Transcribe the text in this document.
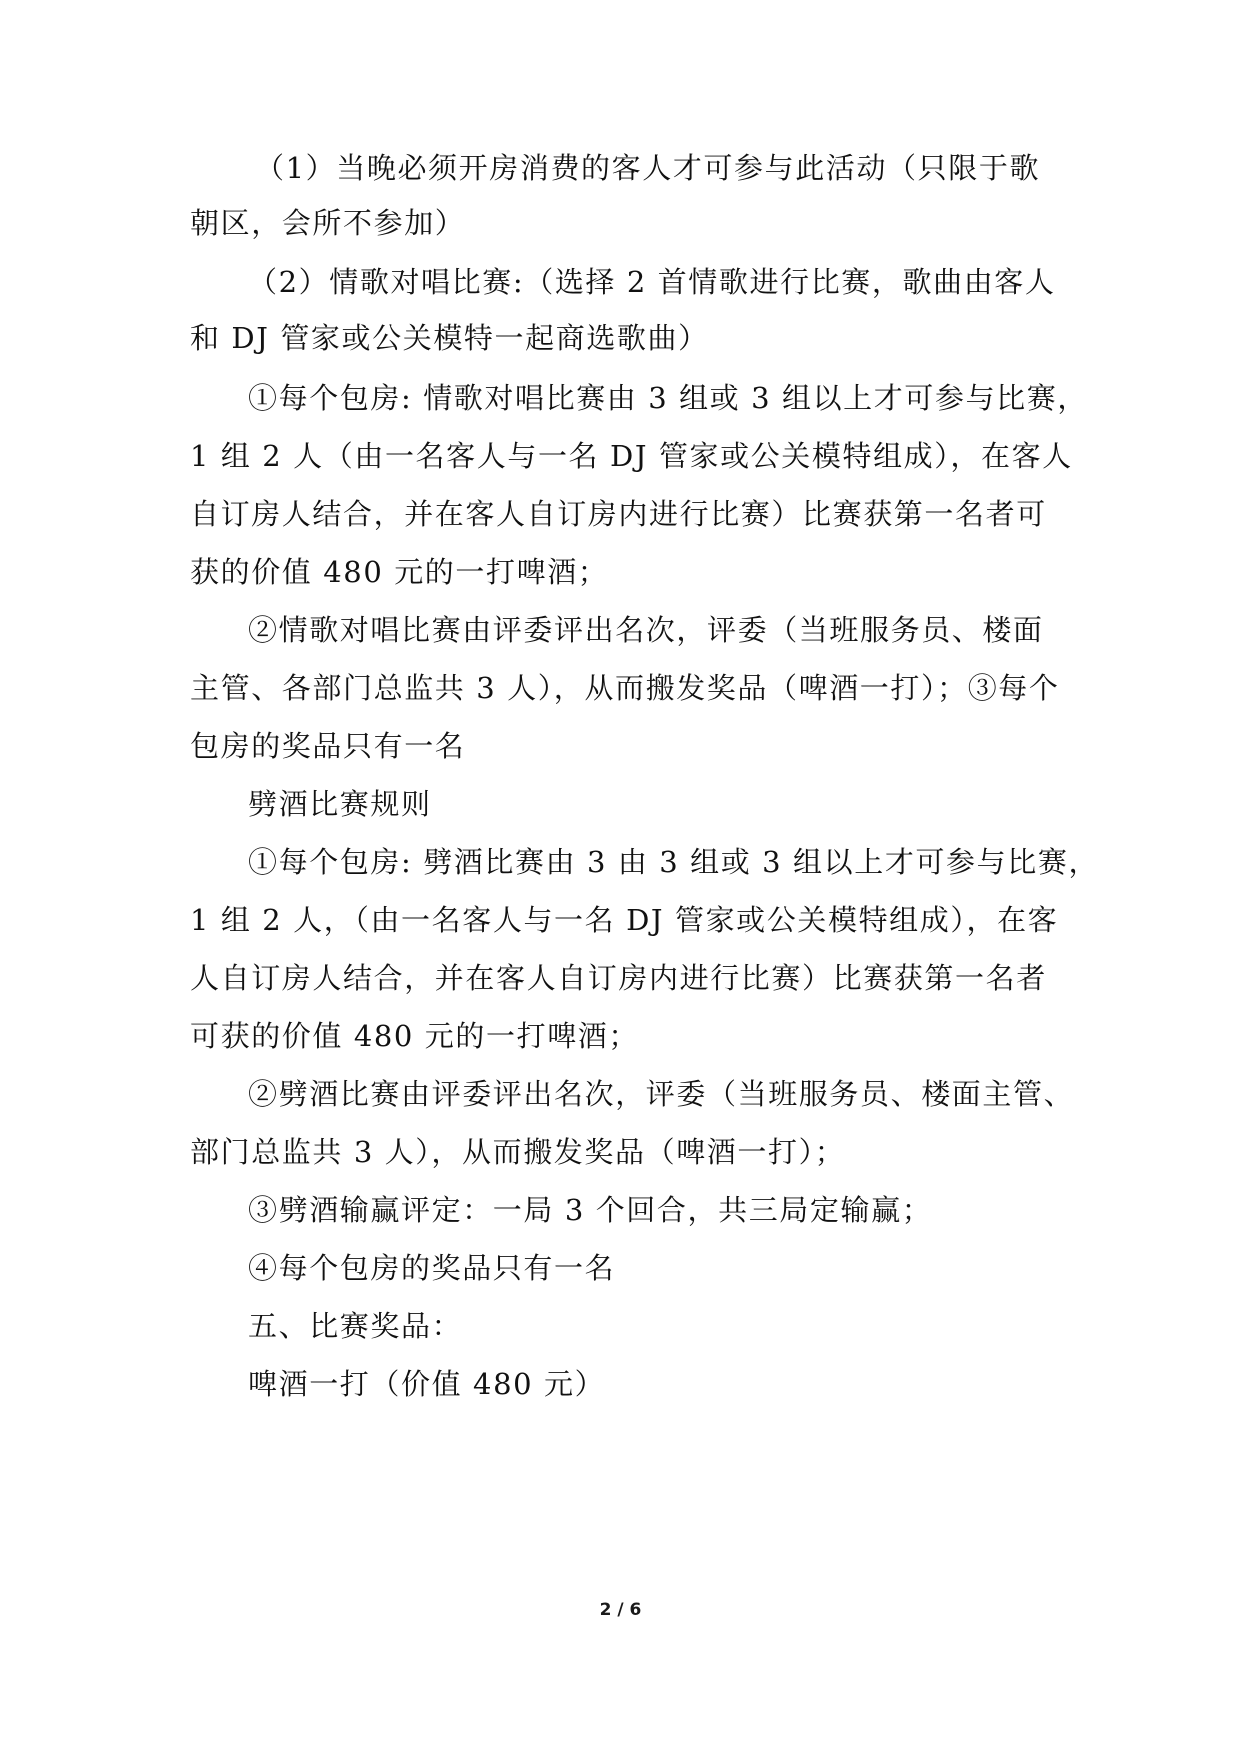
（1）当晚必须开房消费的客人才可参与此活动（只限于歌
朝区，会所不参加）
（2）情歌对唱比赛:（选择 2 首情歌进行比赛，歌曲由客人
和 DJ 管家或公关模特一起商选歌曲）
①每个包房: 情歌对唱比赛由 3 组或 3 组以上才可参与比赛，
1 组 2 人（由一名客人与一名 DJ 管家或公关模特组成），在客人
自订房人结合，并在客人自订房内进行比赛）比赛获第一名者可
获的价值 480 元的一打啤酒；
②情歌对唱比赛由评委评出名次，评委（当班服务员、楼面
主管、各部门总监共 3 人），从而搬发奖品（啤酒一打）；③每个
包房的奖品只有一名
劈酒比赛规则
①每个包房: 劈酒比赛由 3 由 3 组或 3 组以上才可参与比赛，
1 组 2 人，（由一名客人与一名 DJ 管家或公关模特组成），在客
人自订房人结合，并在客人自订房内进行比赛）比赛获第一名者
可获的价值 480 元的一打啤酒；
②劈酒比赛由评委评出名次，评委（当班服务员、楼面主管、
部门总监共 3 人），从而搬发奖品（啤酒一打）；
③劈酒输赢评定：一局 3 个回合，共三局定输赢；
④每个包房的奖品只有一名
五、比赛奖品：
啤酒一打（价值 480 元）
2 / 6
